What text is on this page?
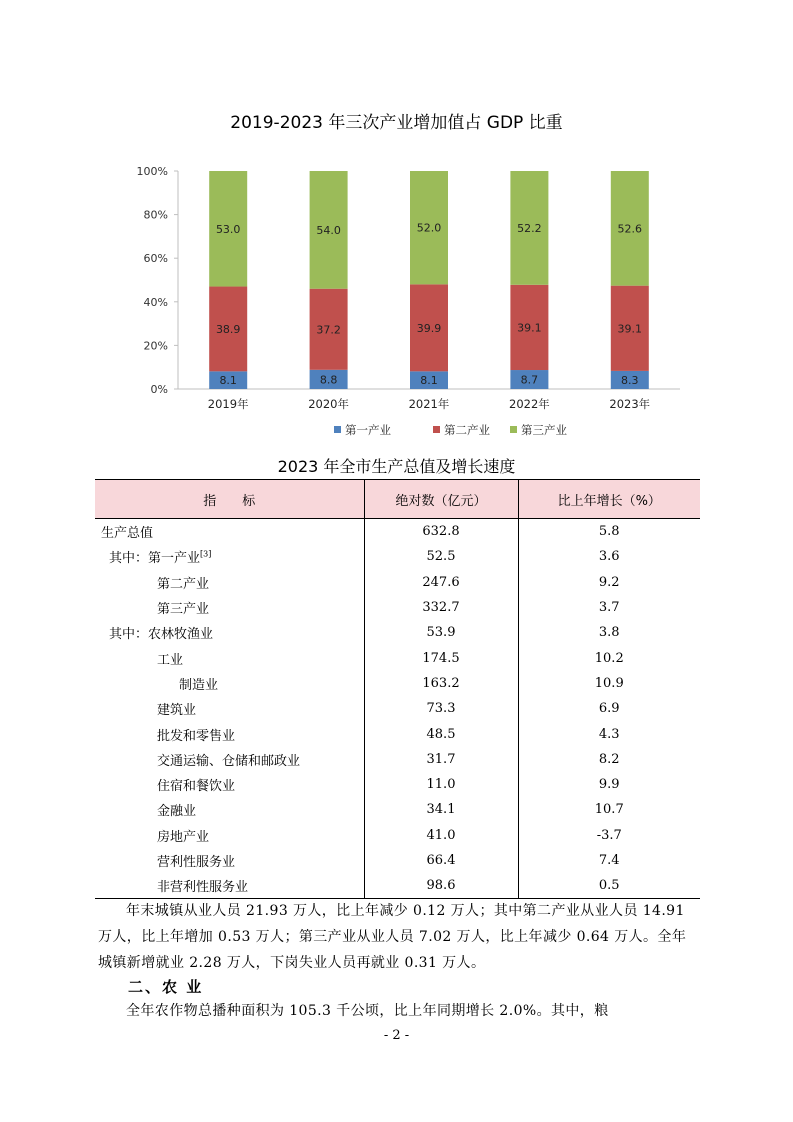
2019-2023 年三次产业增加值占 GDP 比重
0%
20%
40%
60%
80%
100%
8.1
38.9
53.0
2019年
8.8
37.2
54.0
2020年
8.1
39.9
52.0
2021年
8.7
39.1
52.2
2022年
8.3
39.1
52.6
2023年
第一产业	第二产业	第三产业
2023 年全市生产总值及增长速度
指　　标	绝对数（亿元）	比上年增长（%）
生产总值	632.8	5.8
其中：第一产业[3]	52.5	3.6
第二产业	247.6	9.2
第三产业	332.7	3.7
其中：农林牧渔业	53.9	3.8
工业	174.5	10.2
制造业	163.2	10.9
建筑业	73.3	6.9
批发和零售业	48.5	4.3
交通运输、仓储和邮政业	31.7	8.2
住宿和餐饮业	11.0	9.9
金融业	34.1	10.7
房地产业	41.0	-3.7
营利性服务业	66.4	7.4
非营利性服务业	98.6	0.5
年末城镇从业人员 21.93 万人，比上年减少 0.12 万人；其中第二产业从业人员 14.91 万人，比上年增加 0.53 万人；第三产业从业人员 7.02 万人，比上年减少 0.64 万人。全年城镇新增就业 2.28 万人，下岗失业人员再就业 0.31 万人。
二、农 业
全年农作物总播种面积为 105.3 千公顷，比上年同期增长 2.0%。其中，粮
- 2 -
